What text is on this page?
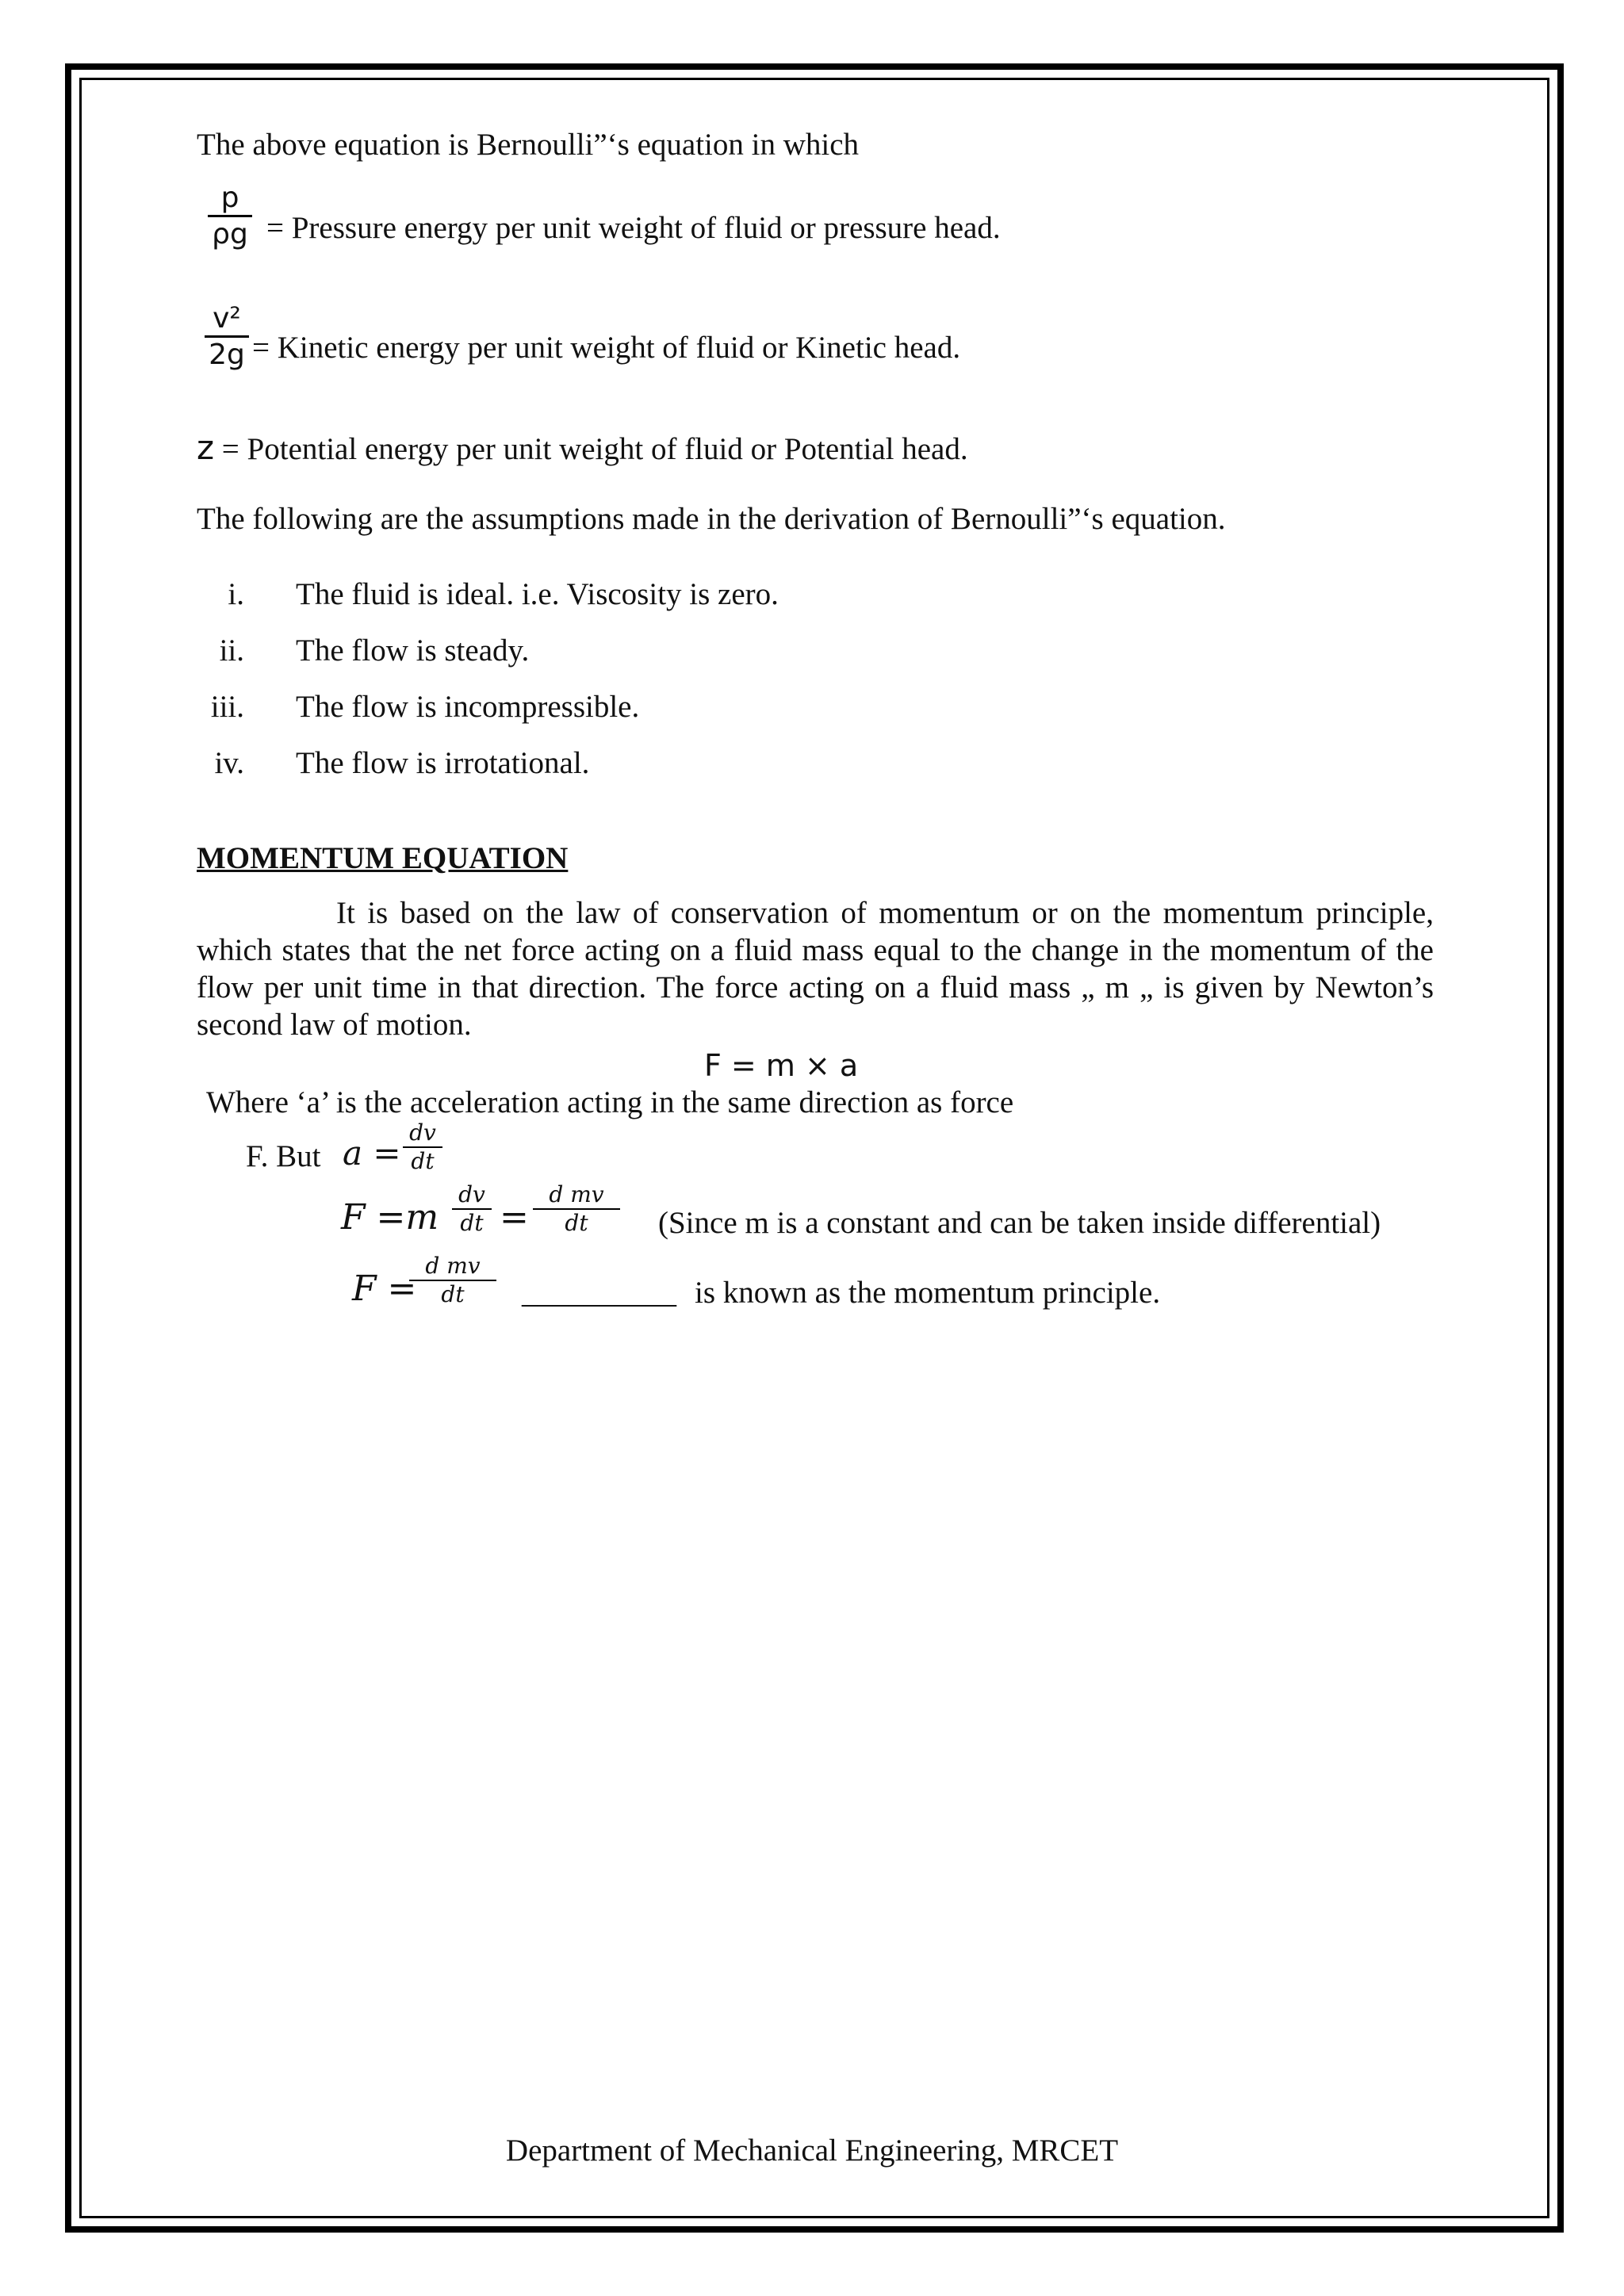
The above equation is Bernoulli”‘s equation in which
p
ρg = Pressure energy per unit weight of fluid or pressure head.
v²
2g = Kinetic energy per unit weight of fluid or Kinetic head.
z = Potential energy per unit weight of fluid or Potential head.
The following are the assumptions made in the derivation of Bernoulli”‘s equation.
i. The fluid is ideal. i.e. Viscosity is zero.
ii. The flow is steady.
iii. The flow is incompressible.
iv. The flow is irrotational.
MOMENTUM EQUATION
It is based on the law of conservation of momentum or on the momentum principle, which states that the net force acting on a fluid mass equal to the change in the momentum of the flow per unit time in that direction. The force acting on a fluid mass „ m „ is given by Newton’s second law of motion.
F = m × a
Where ‘a’ is the acceleration acting in the same direction as force
F. But a =
dv
dt
F =m
dv
dt =
d mv
dt	(Since m is a constant and can be taken inside differential)
F =
d mv
dt	__________ is known as the momentum principle.
Department of Mechanical Engineering, MRCET
